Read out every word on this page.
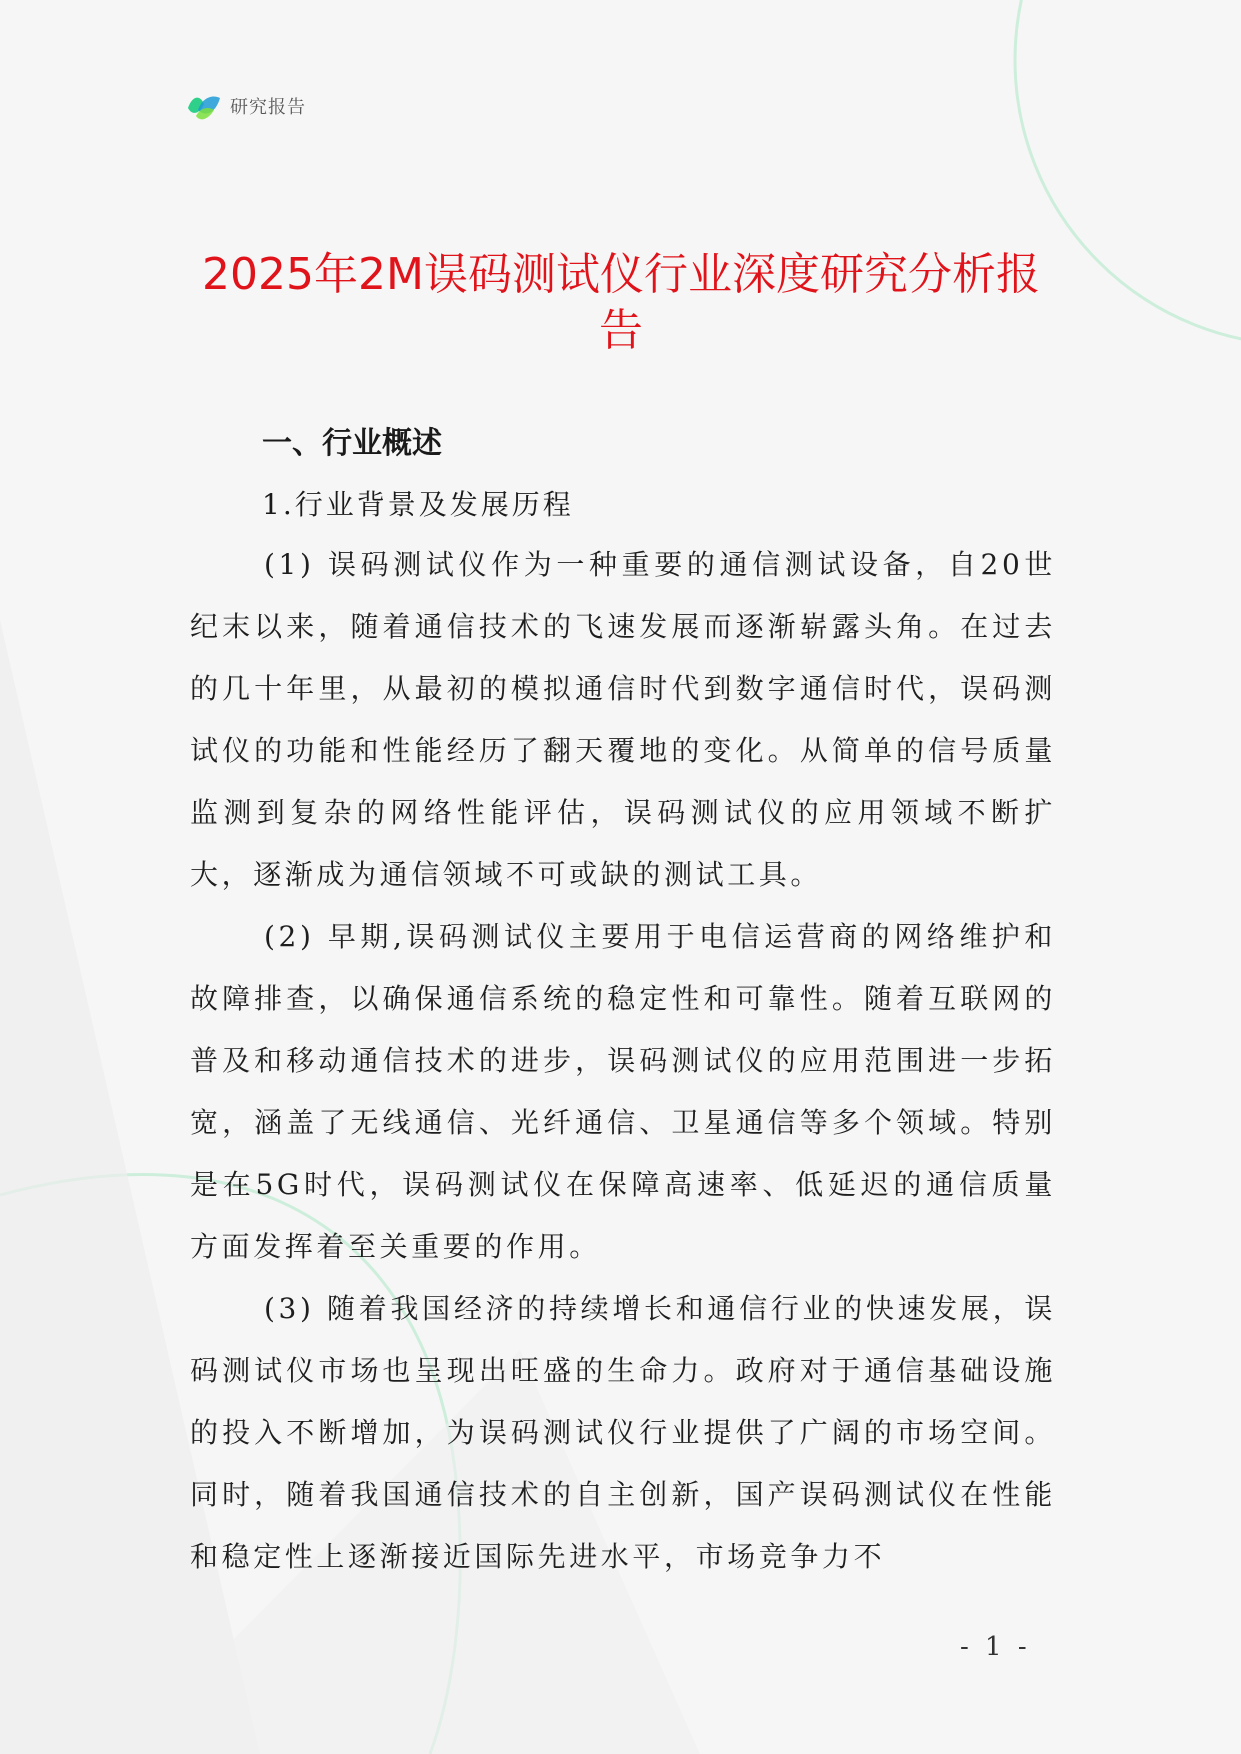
研究报告
2025年2M误码测试仪行业深度研究分析报告
一、行业概述
1.行业背景及发展历程

(1) 误码测试仪作为一种重要的通信测试设备，自20世纪末以来，随着通信技术的飞速发展而逐渐崭露头角。在过去的几十年里，从最初的模拟通信时代到数字通信时代，误码测试仪的功能和性能经历了翻天覆地的变化。从简单的信号质量监测到复杂的网络性能评估，误码测试仪的应用领域不断扩大，逐渐成为通信领域不可或缺的测试工具。

(2) 早期,误码测试仪主要用于电信运营商的网络维护和故障排查，以确保通信系统的稳定性和可靠性。随着互联网的普及和移动通信技术的进步，误码测试仪的应用范围进一步拓宽，涵盖了无线通信、光纤通信、卫星通信等多个领域。特别是在5G时代，误码测试仪在保障高速率、低延迟的通信质量方面发挥着至关重要的作用。

(3) 随着我国经济的持续增长和通信行业的快速发展，误码测试仪市场也呈现出旺盛的生命力。政府对于通信基础设施的投入不断增加，为误码测试仪行业提供了广阔的市场空间。同时，随着我国通信技术的自主创新，国产误码测试仪在性能和稳定性上逐渐接近国际先进水平，市场竞争力不

- 1 -
